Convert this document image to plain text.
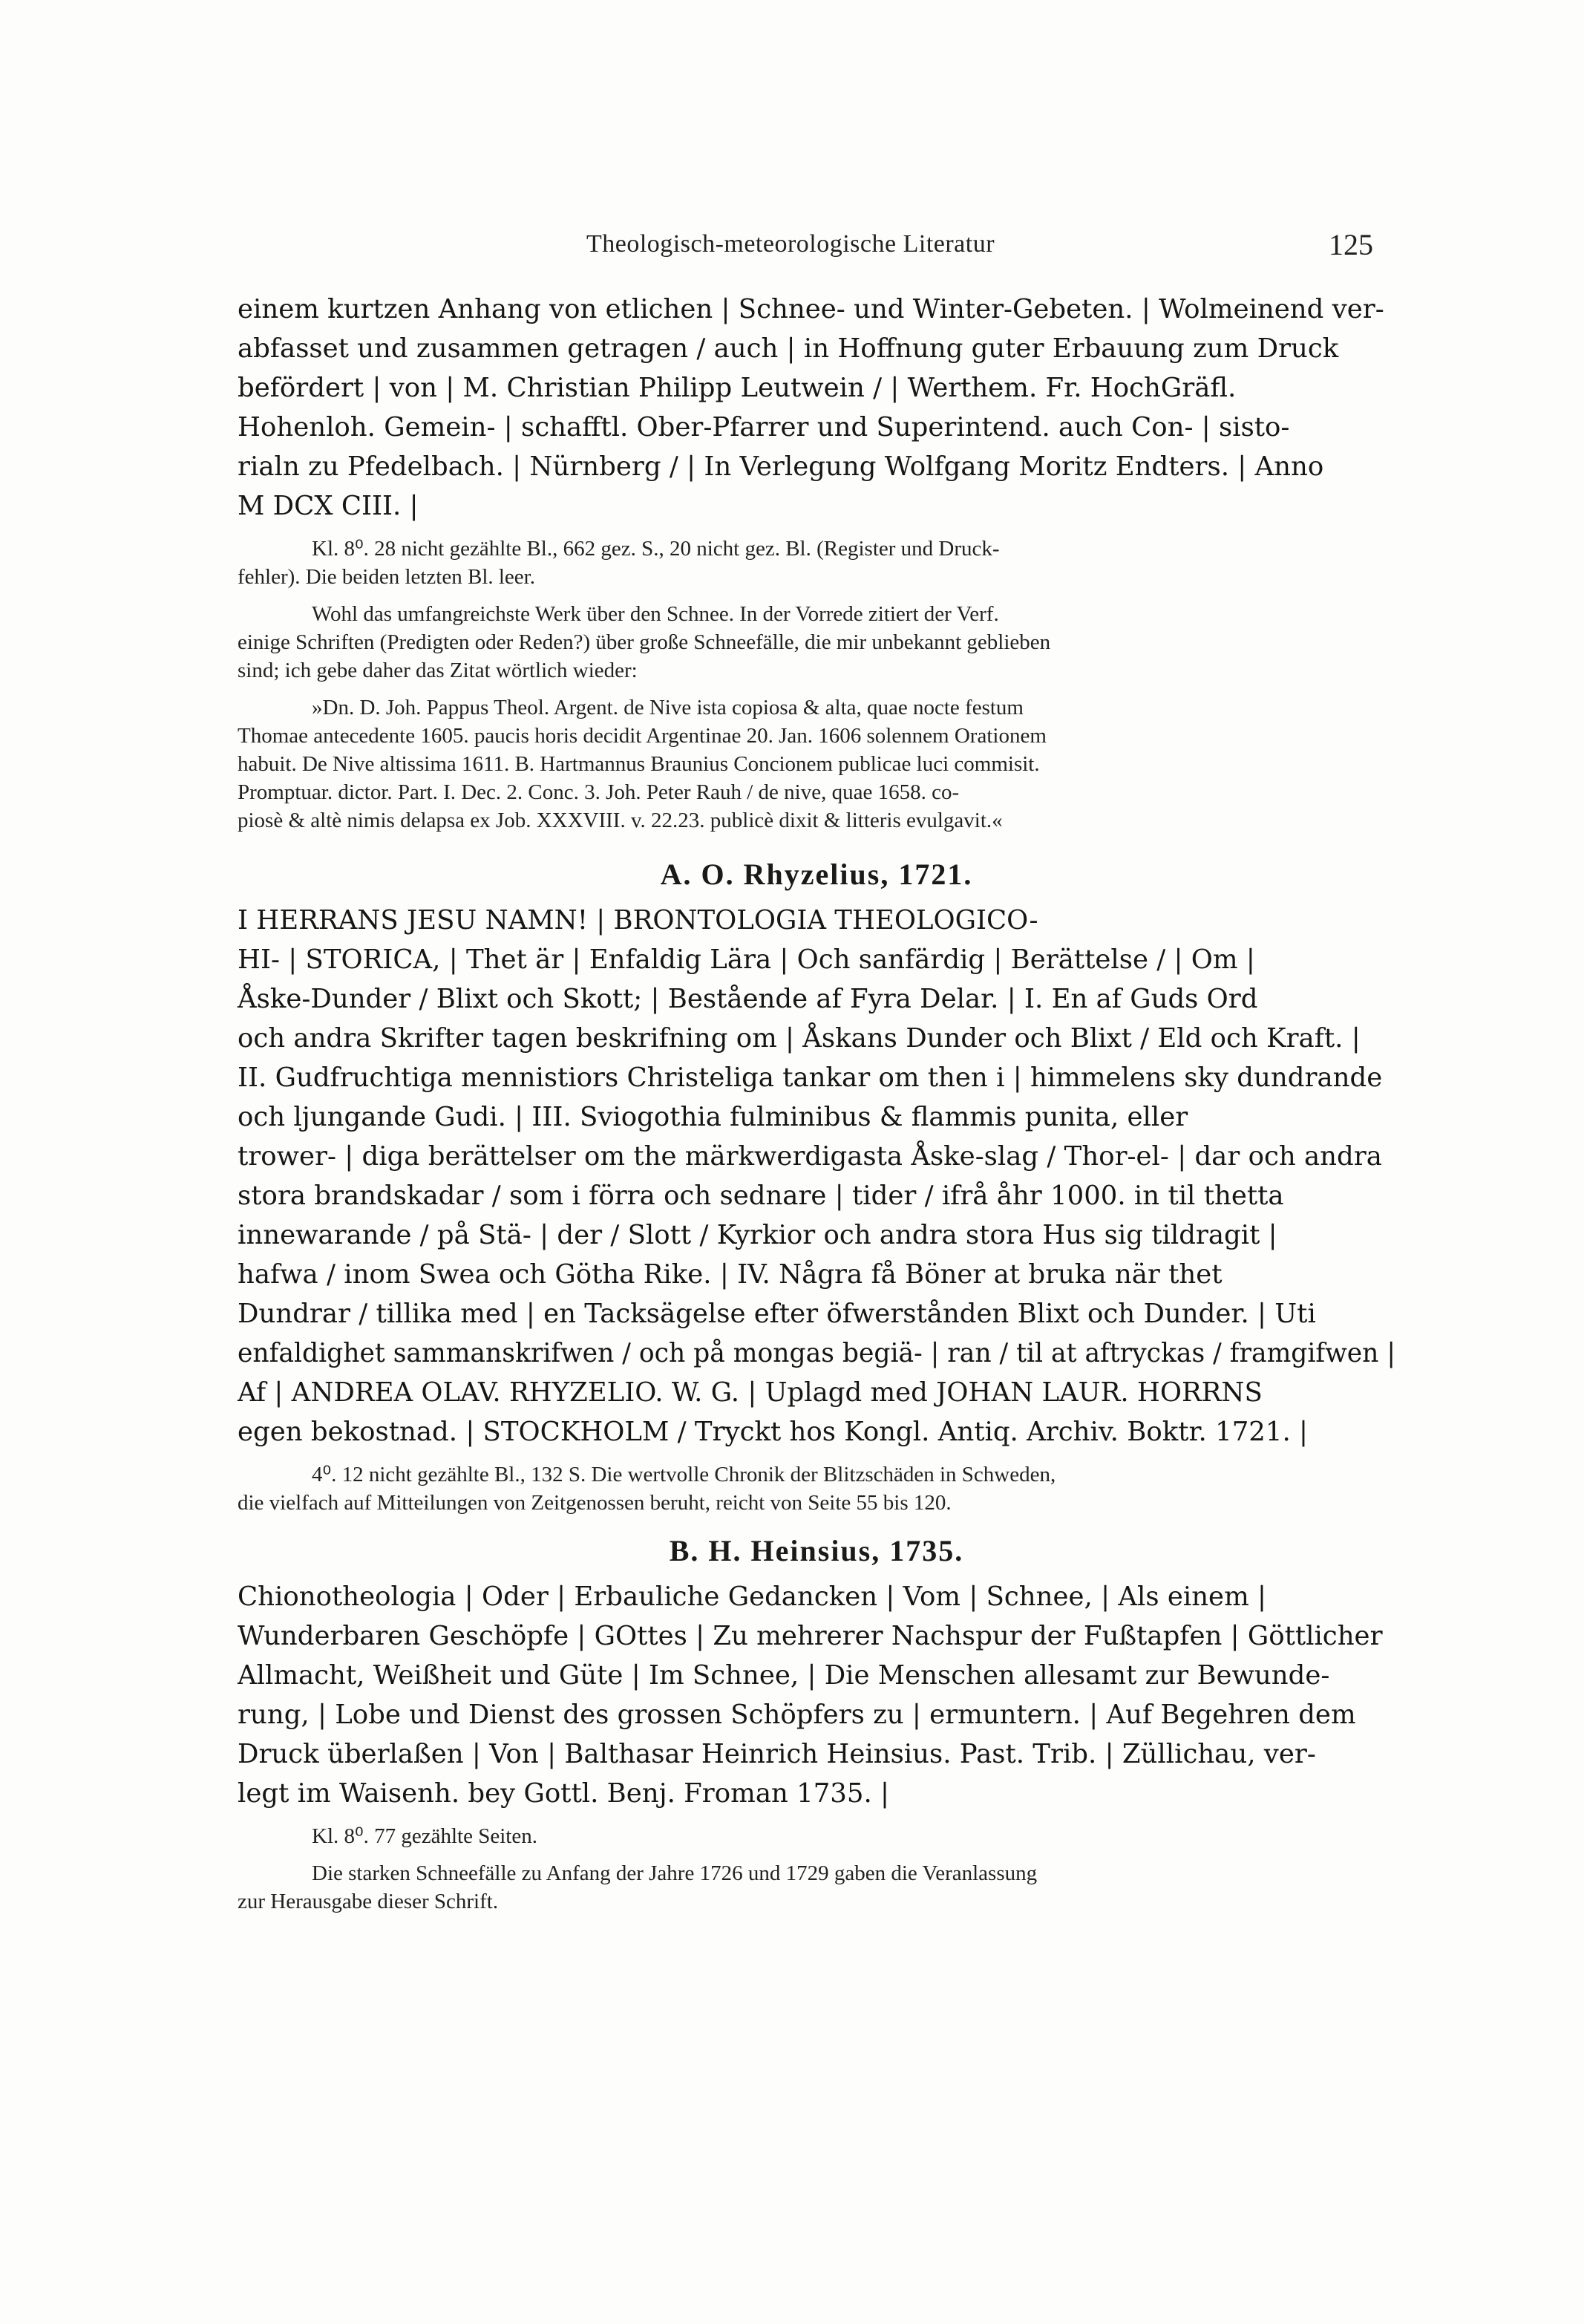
Theologisch-meteorologische Literatur	125
einem kurtzen Anhang von etlichen | Schnee- und Winter-Gebeten. | Wolmeinend ver-
abfasset und zusammen getragen / auch | in Hoffnung guter Erbauung zum Druck
befördert | von | M. Christian Philipp Leutwein / | Werthem. Fr. HochGräfl.
Hohenloh. Gemein- | schafftl. Ober-Pfarrer und Superintend. auch Con- | sisto-
rialn zu Pfedelbach. | Nürnberg / | In Verlegung Wolfgang Moritz Endters. | Anno
M DCX CIII. |
Kl. 8⁰. 28 nicht gezählte Bl., 662 gez. S., 20 nicht gez. Bl. (Register und Druck-
fehler). Die beiden letzten Bl. leer.
Wohl das umfangreichste Werk über den Schnee. In der Vorrede zitiert der Verf.
einige Schriften (Predigten oder Reden?) über große Schneefälle, die mir unbekannt geblieben
sind; ich gebe daher das Zitat wörtlich wieder:
»Dn. D. Joh. Pappus Theol. Argent. de Nive ista copiosa & alta, quae nocte festum
Thomae antecedente 1605. paucis horis decidit Argentinae 20. Jan. 1606 solennem Orationem
habuit. De Nive altissima 1611. B. Hartmannus Braunius Concionem publicae luci commisit.
Promptuar. dictor. Part. I. Dec. 2. Conc. 3. Joh. Peter Rauh / de nive, quae 1658. co-
piosè & altè nimis delapsa ex Job. XXXVIII. v. 22.23. publicè dixit & litteris evulgavit.«
A. O. Rhyzelius, 1721.
I HERRANS JESU NAMN! | BRONTOLOGIA THEOLOGICO-
HI- | STORICA, | Thet är | Enfaldig Lära | Och sanfärdig | Berättelse / | Om |
Åske-Dunder / Blixt och Skott; | Bestående af Fyra Delar. | I. En af Guds Ord
och andra Skrifter tagen beskrifning om | Åskans Dunder och Blixt / Eld och Kraft. |
II. Gudfruchtiga mennistiors Christeliga tankar om then i | himmelens sky dundrande
och ljungande Gudi. | III. Sviogothia fulminibus & flammis punita, eller
trower- | diga berättelser om the märkwerdigasta Åske-slag / Thor-el- | dar och andra
stora brandskadar / som i förra och sednare | tider / ifrå åhr 1000. in til thetta
innewarande / på Stä- | der / Slott / Kyrkior och andra stora Hus sig tildragit |
hafwa / inom Swea och Götha Rike. | IV. Några få Böner at bruka när thet
Dundrar / tillika med | en Tacksägelse efter öfwerstånden Blixt och Dunder. | Uti
enfaldighet sammanskrifwen / och på mongas begiä- | ran / til at aftryckas / framgifwen |
Af | ANDREA OLAV. RHYZELIO. W. G. | Uplagd med JOHAN LAUR. HORRNS
egen bekostnad. | STOCKHOLM / Tryckt hos Kongl. Antiq. Archiv. Boktr. 1721. |
4⁰. 12 nicht gezählte Bl., 132 S. Die wertvolle Chronik der Blitzschäden in Schweden,
die vielfach auf Mitteilungen von Zeitgenossen beruht, reicht von Seite 55 bis 120.
B. H. Heinsius, 1735.
Chionotheologia | Oder | Erbauliche Gedancken | Vom | Schnee, | Als einem |
Wunderbaren Geschöpfe | GOttes | Zu mehrerer Nachspur der Fußtapfen | Göttlicher
Allmacht, Weißheit und Güte | Im Schnee, | Die Menschen allesamt zur Bewunde-
rung, | Lobe und Dienst des grossen Schöpfers zu | ermuntern. | Auf Begehren dem
Druck überlaßen | Von | Balthasar Heinrich Heinsius. Past. Trib. | Züllichau, ver-
legt im Waisenh. bey Gottl. Benj. Froman 1735. |
Kl. 8⁰. 77 gezählte Seiten.
Die starken Schneefälle zu Anfang der Jahre 1726 und 1729 gaben die Veranlassung
zur Herausgabe dieser Schrift.
